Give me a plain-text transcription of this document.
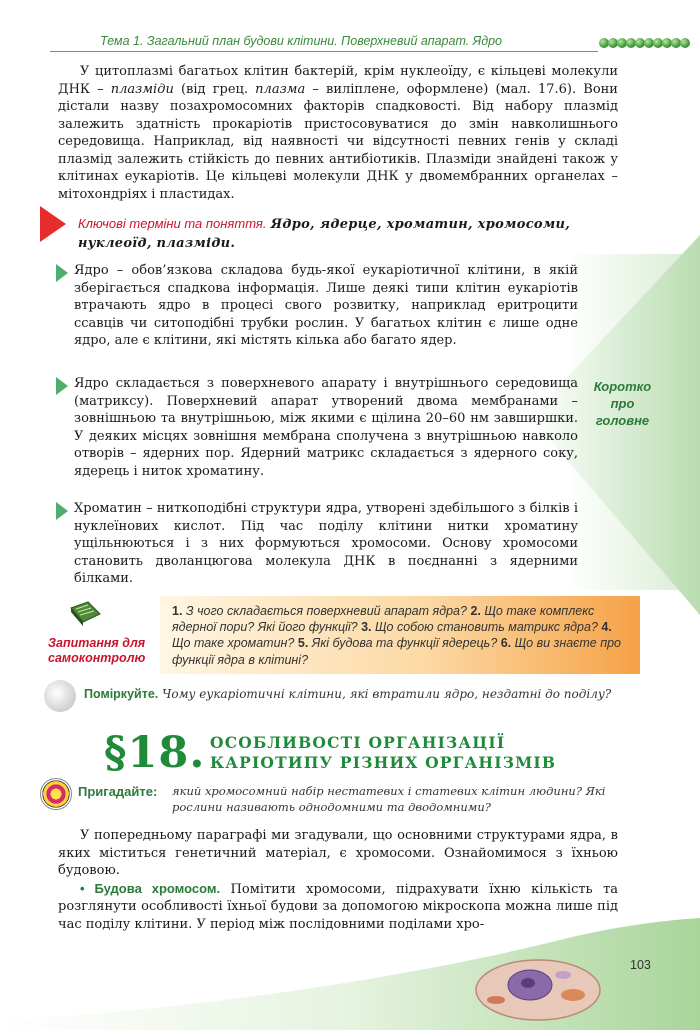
Тема 1. Загальний план будови клітини. Поверхневий апарат. Ядро

У цитоплазмі багатьох клітин бактерій, крім нуклеоїду, є кільцеві молекули ДНК – плазміди (від грец. плазма – виліплене, оформлене) (мал. 17.6). Вони дістали назву позахромосомних факторів спадковості. Від набору плазмід залежить здатність прокаріотів пристосовуватися до змін навколишнього середовища. Наприклад, від наявності чи відсутності певних генів у складі плазмід залежить стійкість до певних антибіотиків. Плазміди знайдені також у клітинах еукаріотів. Це кільцеві молекули ДНК у двомембранних органелах – мітохондріях і пластидах.

Ключові терміни та поняття. Ядро, ядерце, хроматин, хромосоми, нуклеоїд, плазміди.
Коротко
про
головне

Ядро – обов’язкова складова будь-якої еукаріотичної клітини, в якій зберігається спадкова інформація. Лише деякі типи клітин еукаріотів втрачають ядро в процесі свого розвитку, наприклад еритроцити ссавців чи ситоподібні трубки рослин. У багатьох клітин є лише одне ядро, але є клітини, які містять кілька або багато ядер.

Ядро складається з поверхневого апарату і внутрішнього середовища (матриксу). Поверхневий апарат утворений двома мембранами – зовнішньою та внутрішньою, між якими є щілина 20–60 нм завширшки. У деяких місцях зовнішня мембрана сполучена з внутрішньою навколо отворів – ядерних пор. Ядерний матрикс складається з ядерного соку, ядерець і ниток хроматину.

Хроматин – ниткоподібні структури ядра, утворені здебільшого з білків і нуклеїнових кислот. Під час поділу клітини нитки хроматину ущільнюються і з них формуються хромосоми. Основу хромосоми становить дволанцюгова молекула ДНК в поєднанні з ядерними білками.

Запитання для
самоконтролю
1. З чого складається поверхневий апарат ядра? 2. Що таке комплекс ядерної пори? Які його функції? 3. Що собою становить матрикс ядра? 4. Що таке хроматин? 5. Які будова та функції ядерець? 6. Що ви знаєте про функції ядра в клітині?
Поміркуйте. Чому еукаріотичні клітини, які втратили ядро, нездатні до поділу?
§18. ОСОБЛИВОСТІ ОРГАНІЗАЦІЇ
КАРІОТИПУ РІЗНИХ ОРГАНІЗМІВ
Пригадайте: який хромосомний набір нестатевих і статевих клітин людини? Які рослини називають однодомними та дводомними?

У попередньому параграфі ми згадували, що основними структурами ядра, в яких міститься генетичний матеріал, є хромосоми. Ознайомимося з їхньою будовою.

• Будова хромосом. Помітити хромосоми, підрахувати їхню кількість та розглянути особливості їхньої будови за допомогою мікроскопа можна лише під час поділу клітини. У період між послідовними поділами хро-

103
